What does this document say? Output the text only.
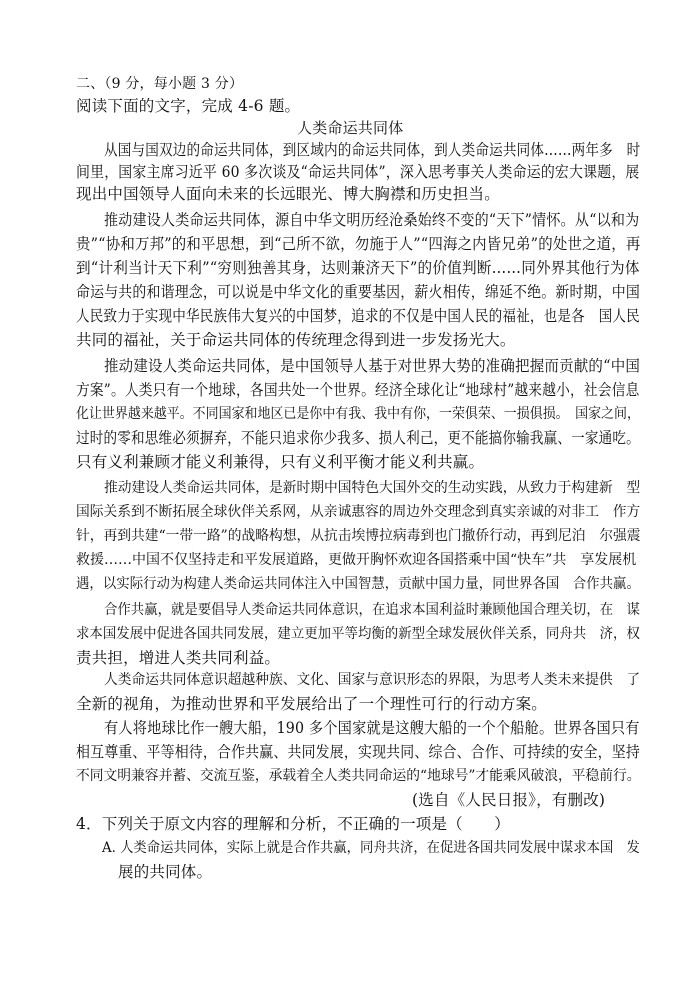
二、（9 分，每小题 3 分）
阅读下面的文字，完成 4-6 题。
人类命运共同体
从国与国双边的命运共同体，到区域内的命运共同体，到人类命运共同体……两年多　时
间里，国家主席习近平 60 多次谈及“命运共同体”，深入思考事关人类命运的宏大课题，展
现出中国领导人面向未来的长远眼光、博大胸襟和历史担当。
推动建设人类命运共同体，源自中华文明历经沧桑始终不变的“天下”情怀。从“以和为
贵”“协和万邦”的和平思想，到“己所不欲，勿施于人”“四海之内皆兄弟”的处世之道，再
到“计利当计天下利”“穷则独善其身，达则兼济天下”的价值判断……同外界其他行为体
命运与共的和谐理念，可以说是中华文化的重要基因，薪火相传，绵延不绝。新时期，中国
人民致力于实现中华民族伟大复兴的中国梦，追求的不仅是中国人民的福祉，也是各　国人民
共同的福祉，关于命运共同体的传统理念得到进一步发扬光大。
推动建设人类命运共同体，是中国领导人基于对世界大势的准确把握而贡献的“中国
方案”。人类只有一个地球，各国共处一个世界。经济全球化让“地球村”越来越小，社会信息
化让世界越来越平。不同国家和地区已是你中有我、我中有你，一荣俱荣、一损俱损。　国家之间，
过时的零和思维必须摒弃，不能只追求你少我多、损人利己，更不能搞你输我赢、一家通吃。
只有义利兼顾才能义利兼得，只有义利平衡才能义利共赢。
推动建设人类命运共同体，是新时期中国特色大国外交的生动实践，从致力于构建新　型
国际关系到不断拓展全球伙伴关系网，从亲诚惠容的周边外交理念到真实亲诚的对非工　作方
针，再到共建“一带一路”的战略构想，从抗击埃博拉病毒到也门撤侨行动，再到尼泊　尔强震
救援……中国不仅坚持走和平发展道路，更做开胸怀欢迎各国搭乘中国“快车”共　享发展机
遇，以实际行动为构建人类命运共同体注入中国智慧，贡献中国力量，同世界各国　合作共赢。
合作共赢，就是要倡导人类命运共同体意识，在追求本国利益时兼顾他国合理关切，在　谋
求本国发展中促进各国共同发展，建立更加平等均衡的新型全球发展伙伴关系，同舟共　济，权
责共担，增进人类共同利益。
人类命运共同体意识超越种族、文化、国家与意识形态的界限，为思考人类未来提供　了
全新的视角，为推动世界和平发展给出了一个理性可行的行动方案。
有人将地球比作一艘大船，190 多个国家就是这艘大船的一个个船舱。世界各国只有
相互尊重、平等相待，合作共赢、共同发展，实现共同、综合、合作、可持续的安全，坚持
不同文明兼容并蓄、交流互鉴，承载着全人类共同命运的“地球号”才能乘风破浪，平稳前行。
(选自《人民日报》，有删改)
4．下列关于原文内容的理解和分析，不正确的一项是（　　）
A. 人类命运共同体，实际上就是合作共赢，同舟共济，在促进各国共同发展中谋求本国　发
展的共同体。
